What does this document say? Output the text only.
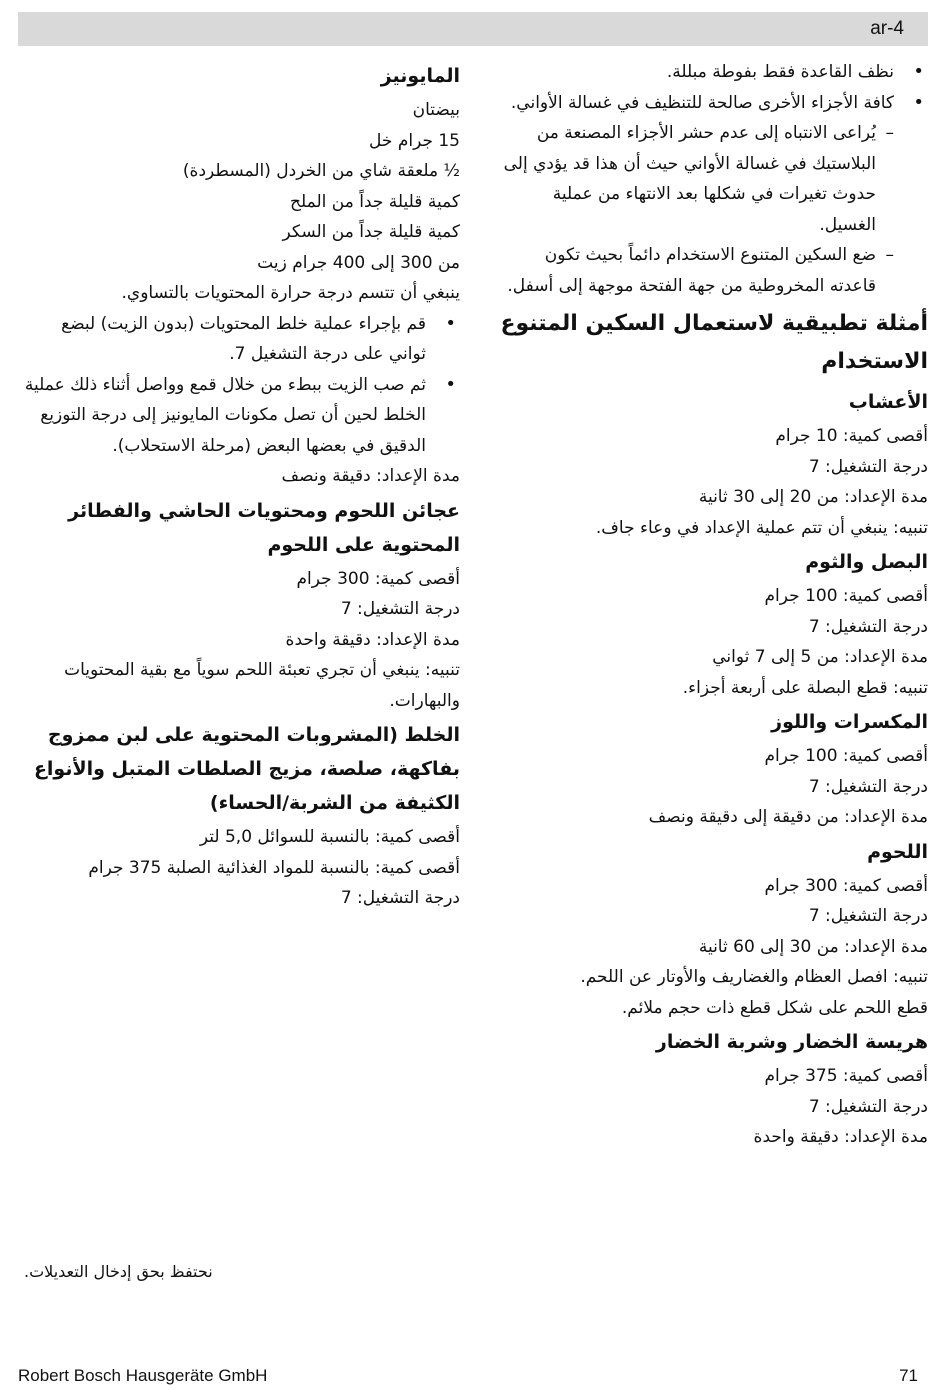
ar-4
• نظف القاعدة فقط بفوطة مبللة.
• كافة الأجزاء الأخرى صالحة للتنظيف في غسالة الأواني.
– يُراعى الانتباه إلى عدم حشر الأجزاء المصنعة من البلاستيك في غسالة الأواني حيث أن هذا قد يؤدي إلى حدوث تغيرات في شكلها بعد الانتهاء من عملية الغسيل.
– ضع السكين المتنوع الاستخدام دائماً بحيث تكون قاعدته المخروطية من جهة الفتحة موجهة إلى أسفل.
أمثلة تطبيقية لاستعمال السكين المتنوع الاستخدام
الأعشاب

أقصى كمية: 10 جرام

درجة التشغيل: 7

مدة الإعداد: من 20 إلى 30 ثانية

تنبيه: ينبغي أن تتم عملية الإعداد في وعاء جاف.

البصل والثوم

أقصى كمية: 100 جرام

درجة التشغيل: 7

مدة الإعداد: من 5 إلى 7 ثواني

تنبيه: قطع البصلة على أربعة أجزاء.

المكسرات واللوز

أقصى كمية: 100 جرام

درجة التشغيل: 7

مدة الإعداد: من دقيقة إلى دقيقة ونصف

اللحوم

أقصى كمية: 300 جرام

درجة التشغيل: 7

مدة الإعداد: من 30 إلى 60 ثانية

تنبيه: افصل العظام والغضاريف والأوتار عن اللحم.

قطع اللحم على شكل قطع ذات حجم ملائم.

هريسة الخضار وشربة الخضار

أقصى كمية: 375 جرام

درجة التشغيل: 7

مدة الإعداد: دقيقة واحدة

المايونيز

بيضتان

15 جرام خل

½ ملعقة شاي من الخردل (المسطردة)

كمية قليلة جداً من الملح

كمية قليلة جداً من السكر

من 300 إلى 400 جرام زيت

ينبغي أن تتسم درجة حرارة المحتويات بالتساوي.

• قم بإجراء عملية خلط المحتويات (بدون الزيت) لبضع ثواني على درجة التشغيل 7.
• ثم صب الزيت ببطء من خلال قمع وواصل أثناء ذلك عملية الخلط لحين أن تصل مكونات المايونيز إلى درجة التوزيع الدقيق في بعضها البعض (مرحلة الاستحلاب).

مدة الإعداد: دقيقة ونصف

عجائن اللحوم ومحتويات الحاشي والفطائر المحتوية على اللحوم

أقصى كمية: 300 جرام

درجة التشغيل: 7

مدة الإعداد: دقيقة واحدة

تنبيه: ينبغي أن تجري تعبئة اللحم سوياً مع بقية المحتويات والبهارات.

الخلط (المشروبات المحتوية على لبن ممزوج بفاكهة، صلصة، مزيج الصلطات المتبل والأنواع الكثيفة من الشربة/الحساء)

أقصى كمية: بالنسبة للسوائل 5,0 لتر

أقصى كمية: بالنسبة للمواد الغذائية الصلبة 375 جرام

درجة التشغيل: 7

نحتفظ بحق إدخال التعديلات.
Robert Bosch Hausgeräte GmbH	71
